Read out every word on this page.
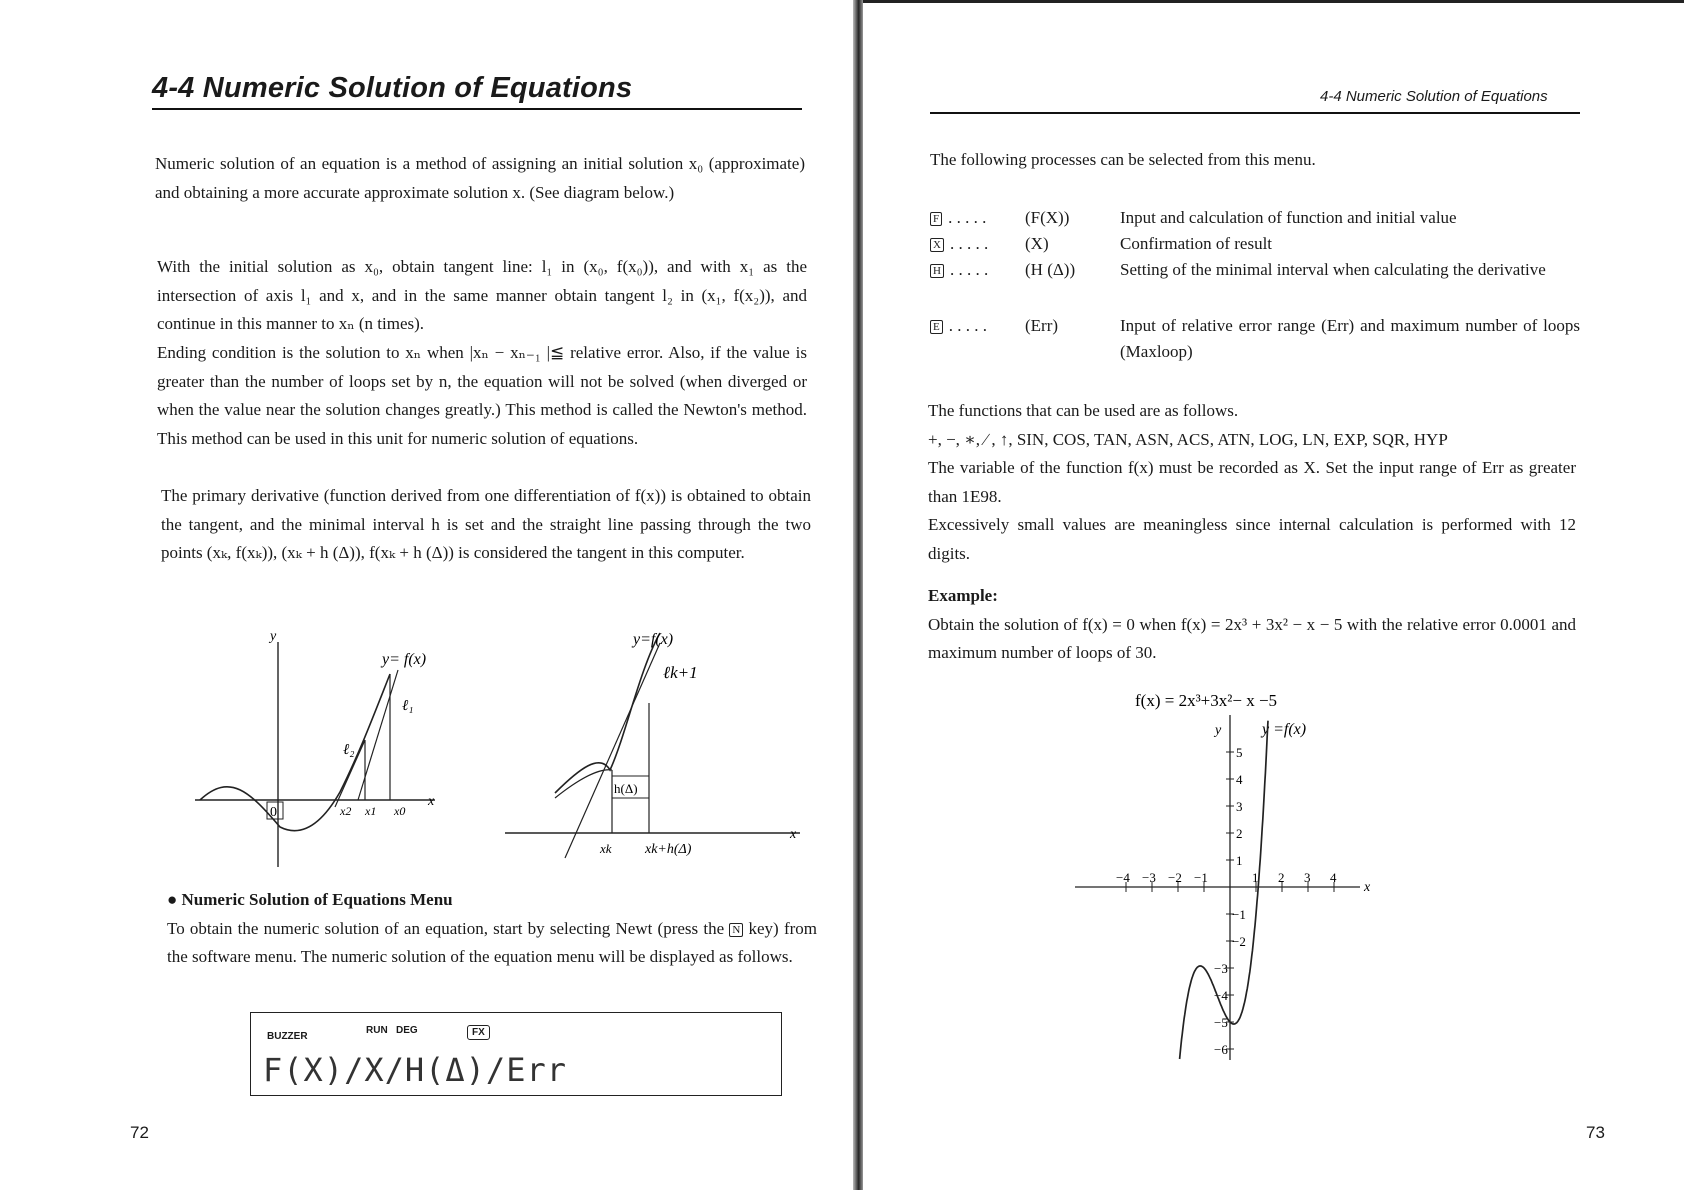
4-4 Numeric Solution of Equations
Numeric solution of an equation is a method of assigning an initial solution x₀ (approximate) and obtaining a more accurate approximate solution x. (See diagram below.)
With the initial solution as x₀, obtain tangent line: l₁ in (x₀, f(x₀)), and with x₁ as the intersection of axis l₁ and x, and in the same manner obtain tangent l₂ in (x₁, f(x₂)), and continue in this manner to xₙ (n times).
Ending condition is the solution to xₙ when |xₙ − xₙ₋₁ |≦ relative error. Also, if the value is greater than the number of loops set by n, the equation will not be solved (when diverged or when the value near the solution changes greatly.) This method is called the Newton's method. This method can be used in this unit for numeric solution of equations.
The primary derivative (function derived from one differentiation of f(x)) is obtained to obtain the tangent, and the minimal interval h is set and the straight line passing through the two points (xₖ, f(xₖ)), (xₖ + h (Δ)), f(xₖ + h (Δ)) is considered the tangent in this computer.
y
y= f(x)
ℓ₁
ℓ₂
0	x2 x1 x0
x
y=f(x)
ℓk+1
h(Δ)
xk xk+h(Δ)
x

● Numeric Solution of Equations Menu

To obtain the numeric solution of an equation, start by selecting Newt (press the N key) from the software menu. The numeric solution of the equation menu will be displayed as follows.

BUZZER
RUN DEG	FX
F(X)/X/H(Δ)/Err
72
4-4 Numeric Solution of Equations
The following processes can be selected from this menu.
F . . . . . (F(X))	Input and calculation of function and initial value
X . . . . . (X)	Confirmation of result
H . . . . . (H (Δ))	Setting of the minimal interval when calculating the derivative
E . . . . . (Err)	Input of relative error range (Err) and maximum number of loops (Maxloop)

The functions that can be used are as follows.

+, −, ∗, ∕ , ↑, SIN, COS, TAN, ASN, ACS, ATN, LOG, LN, EXP, SQR, HYP

The variable of the function f(x) must be recorded as X. Set the input range of Err as greater than 1E98.

Excessively small values are meaningless since internal calculation is performed with 12 digits.

Example:

Obtain the solution of f(x) = 0 when f(x) = 2x³ + 3x² − x − 5 with the relative error 0.0001 and maximum number of loops of 30.

f(x) = 2x³+3x²− x −5
y	y =f(x)
x
−4 −3 −2 −1	1 2 3 4
5
4
3
2
1
−1
−2
−3
−4
−5
−6
73
